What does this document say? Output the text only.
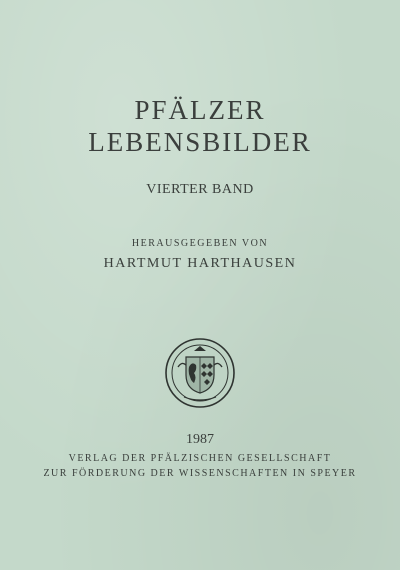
PFÄLZER
LEBENSBILDER
VIERTER BAND
HERAUSGEGEBEN VON
HARTMUT HARTHAUSEN
1987
VERLAG DER PFÄLZISCHEN GESELLSCHAFT
ZUR FÖRDERUNG DER WISSENSCHAFTEN IN SPEYER
